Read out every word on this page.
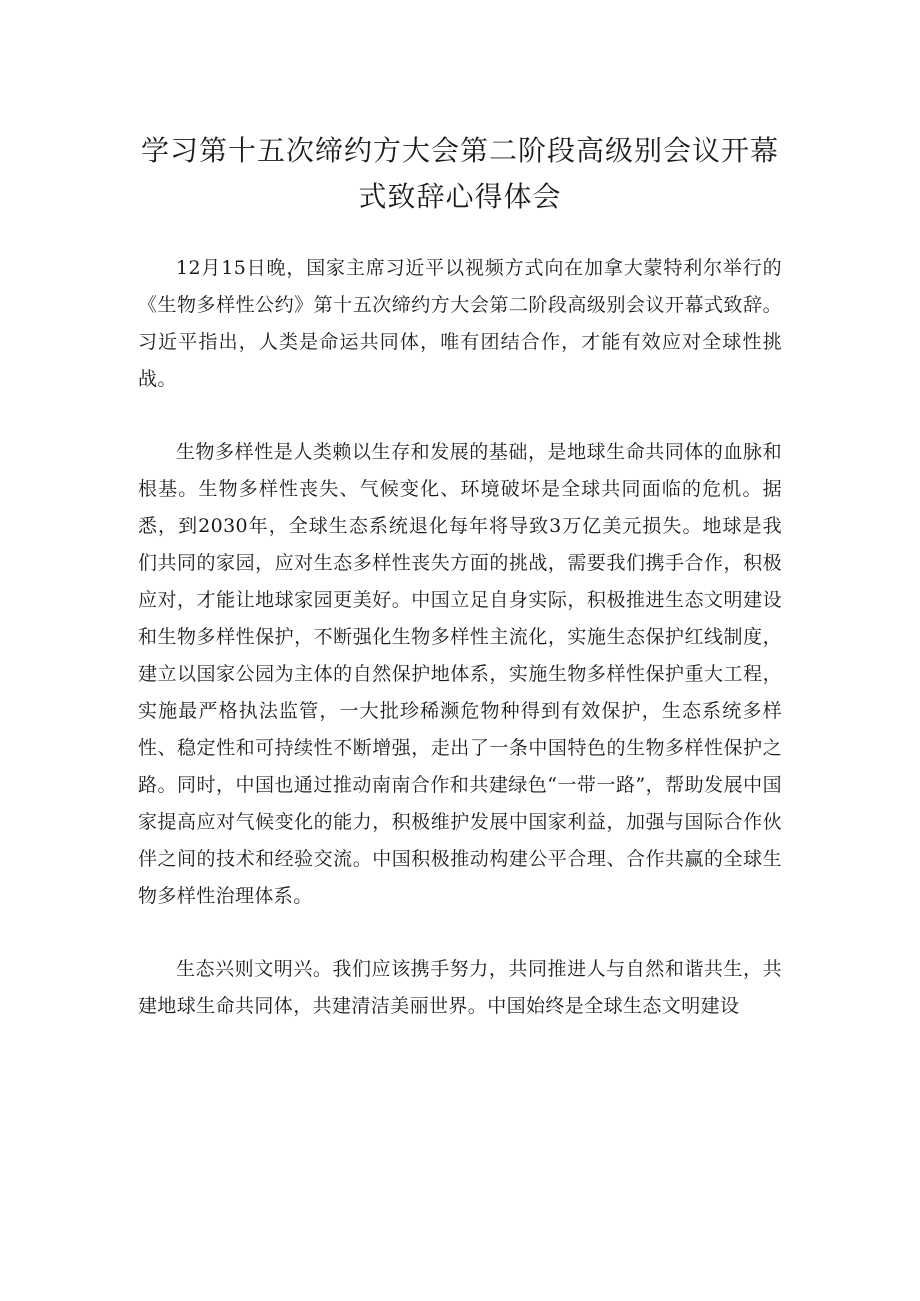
学习第十五次缔约方大会第二阶段高级别会议开幕
式致辞心得体会

12月15日晚，国家主席习近平以视频方式向在加拿大蒙特利尔举行的《生物多样性公约》第十五次缔约方大会第二阶段高级别会议开幕式致辞。习近平指出，人类是命运共同体，唯有团结合作，才能有效应对全球性挑战。

生物多样性是人类赖以生存和发展的基础，是地球生命共同体的血脉和根基。生物多样性丧失、气候变化、环境破坏是全球共同面临的危机。据悉，到2030年，全球生态系统退化每年将导致3万亿美元损失。地球是我们共同的家园，应对生态多样性丧失方面的挑战，需要我们携手合作，积极应对，才能让地球家园更美好。中国立足自身实际，积极推进生态文明建设和生物多样性保护，不断强化生物多样性主流化，实施生态保护红线制度，建立以国家公园为主体的自然保护地体系，实施生物多样性保护重大工程，实施最严格执法监管，一大批珍稀濒危物种得到有效保护，生态系统多样性、稳定性和可持续性不断增强，走出了一条中国特色的生物多样性保护之路。同时，中国也通过推动南南合作和共建绿色“一带一路”，帮助发展中国家提高应对气候变化的能力，积极维护发展中国家利益，加强与国际合作伙伴之间的技术和经验交流。中国积极推动构建公平合理、合作共赢的全球生物多样性治理体系。

生态兴则文明兴。我们应该携手努力，共同推进人与自然和谐共生，共建地球生命共同体，共建清洁美丽世界。中国始终是全球生态文明建设
